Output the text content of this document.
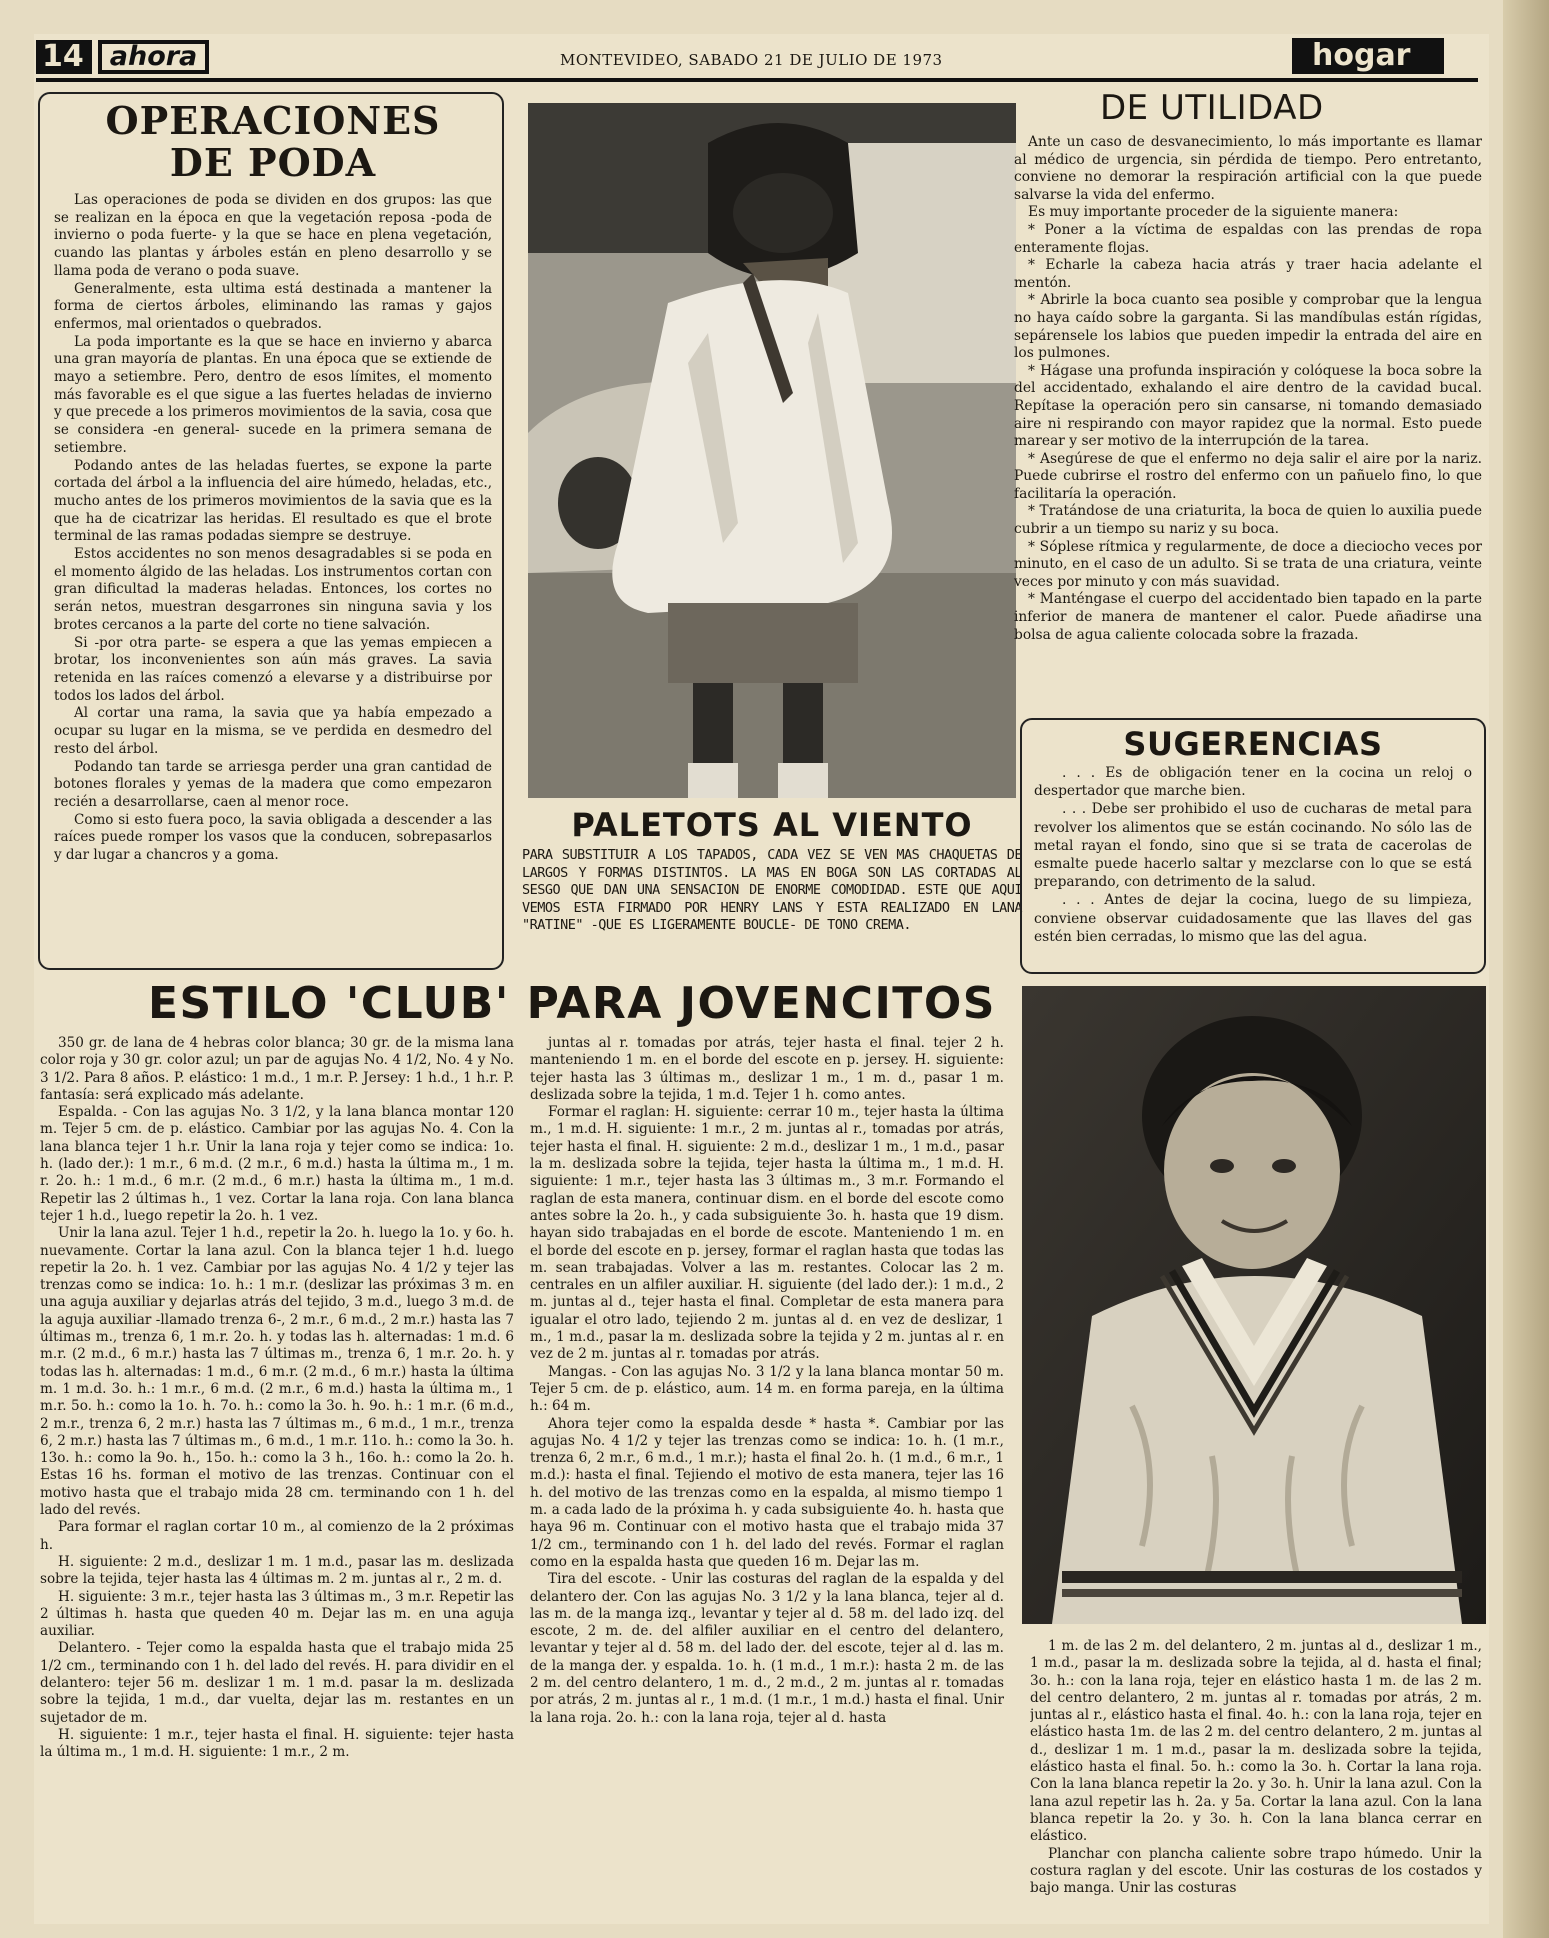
14 ahora	MONTEVIDEO, SABADO 21 DE JULIO DE 1973	hogar
OPERACIONES
DE PODA

Las operaciones de poda se dividen en dos grupos: las que se realizan en la época en que la vegetación reposa -poda de invierno o poda fuerte- y la que se hace en plena vegetación, cuando las plantas y árboles están en pleno desarrollo y se llama poda de verano o poda suave.

Generalmente, esta ultima está destinada a mantener la forma de ciertos árboles, eliminando las ramas y gajos enfermos, mal orientados o quebrados.

La poda importante es la que se hace en invierno y abarca una gran mayoría de plantas. En una época que se extiende de mayo a setiembre. Pero, dentro de esos límites, el momento más favorable es el que sigue a las fuertes heladas de invierno y que precede a los primeros movimientos de la savia, cosa que se considera -en general- sucede en la primera semana de setiembre.

Podando antes de las heladas fuertes, se expone la parte cortada del árbol a la influencia del aire húmedo, heladas, etc., mucho antes de los primeros movimientos de la savia que es la que ha de cicatrizar las heridas. El resultado es que el brote terminal de las ramas podadas siempre se destruye.

Estos accidentes no son menos desagradables si se poda en el momento álgido de las heladas. Los instrumentos cortan con gran dificultad la maderas heladas. Entonces, los cortes no serán netos, muestran desgarrones sin ninguna savia y los brotes cercanos a la parte del corte no tiene salvación.

Si -por otra parte- se espera a que las yemas empiecen a brotar, los inconvenientes son aún más graves. La savia retenida en las raíces comenzó a elevarse y a distribuirse por todos los lados del árbol.

Al cortar una rama, la savia que ya había empezado a ocupar su lugar en la misma, se ve perdida en desmedro del resto del árbol.

Podando tan tarde se arriesga perder una gran cantidad de botones florales y yemas de la madera que como empezaron recién a desarrollarse, caen al menor roce.

Como si esto fuera poco, la savia obligada a descender a las raíces puede romper los vasos que la conducen, sobrepasarlos y dar lugar a chancros y a goma.

PALETOTS AL VIENTO
PARA SUBSTITUIR A LOS TAPADOS, CADA VEZ SE VEN MAS CHAQUETAS DE LARGOS Y FORMAS DISTINTOS. LA MAS EN BOGA SON LAS CORTADAS AL SESGO QUE DAN UNA SENSACION DE ENORME COMODIDAD. ESTE QUE AQUI VEMOS ESTA FIRMADO POR HENRY LANS Y ESTA REALIZADO EN LANA "RATINE" -QUE ES LIGERAMENTE BOUCLE- DE TONO CREMA.
DE UTILIDAD

Ante un caso de desvanecimiento, lo más importante es llamar al médico de urgencia, sin pérdida de tiempo. Pero entretanto, conviene no demorar la respiración artificial con la que puede salvarse la vida del enfermo.

Es muy importante proceder de la siguiente manera:

* Poner a la víctima de espaldas con las prendas de ropa enteramente flojas.

* Echarle la cabeza hacia atrás y traer hacia adelante el mentón.

* Abrirle la boca cuanto sea posible y comprobar que la lengua no haya caído sobre la garganta. Si las mandíbulas están rígidas, sepárensele los labios que pueden impedir la entrada del aire en los pulmones.

* Hágase una profunda inspiración y colóquese la boca sobre la del accidentado, exhalando el aire dentro de la cavidad bucal. Repítase la operación pero sin cansarse, ni tomando demasiado aire ni respirando con mayor rapidez que la normal. Esto puede marear y ser motivo de la interrupción de la tarea.

* Asegúrese de que el enfermo no deja salir el aire por la nariz. Puede cubrirse el rostro del enfermo con un pañuelo fino, lo que facilitaría la operación.

* Tratándose de una criaturita, la boca de quien lo auxilia puede cubrir a un tiempo su nariz y su boca.

* Sóplese rítmica y regularmente, de doce a dieciocho veces por minuto, en el caso de un adulto. Si se trata de una criatura, veinte veces por minuto y con más suavidad.

* Manténgase el cuerpo del accidentado bien tapado en la parte inferior de manera de mantener el calor. Puede añadirse una bolsa de agua caliente colocada sobre la frazada.

SUGERENCIAS

. . . Es de obligación tener en la cocina un reloj o despertador que marche bien.

. . . Debe ser prohibido el uso de cucharas de metal para revolver los alimentos que se están cocinando. No sólo las de metal rayan el fondo, sino que si se trata de cacerolas de esmalte puede hacerlo saltar y mezclarse con lo que se está preparando, con detrimento de la salud.

. . . Antes de dejar la cocina, luego de su limpieza, conviene observar cuidadosamente que las llaves del gas estén bien cerradas, lo mismo que las del agua.

ESTILO 'CLUB' PARA JOVENCITOS

350 gr. de lana de 4 hebras color blanca; 30 gr. de la misma lana color roja y 30 gr. color azul; un par de agujas No. 4 1/2, No. 4 y No. 3 1/2. Para 8 años. P. elástico: 1 m.d., 1 m.r. P. Jersey: 1 h.d., 1 h.r. P. fantasía: será explicado más adelante.

Espalda. - Con las agujas No. 3 1/2, y la lana blanca montar 120 m. Tejer 5 cm. de p. elástico. Cambiar por las agujas No. 4. Con la lana blanca tejer 1 h.r. Unir la lana roja y tejer como se indica: 1o. h. (lado der.): 1 m.r., 6 m.d. (2 m.r., 6 m.d.) hasta la última m., 1 m. r. 2o. h.: 1 m.d., 6 m.r. (2 m.d., 6 m.r.) hasta la última m., 1 m.d. Repetir las 2 últimas h., 1 vez. Cortar la lana roja. Con lana blanca tejer 1 h.d., luego repetir la 2o. h. 1 vez.

Unir la lana azul. Tejer 1 h.d., repetir la 2o. h. luego la 1o. y 6o. h. nuevamente. Cortar la lana azul. Con la blanca tejer 1 h.d. luego repetir la 2o. h. 1 vez. Cambiar por las agujas No. 4 1/2 y tejer las trenzas como se indica: 1o. h.: 1 m.r. (deslizar las próximas 3 m. en una aguja auxiliar y dejarlas atrás del tejido, 3 m.d., luego 3 m.d. de la aguja auxiliar -llamado trenza 6-, 2 m.r., 6 m.d., 2 m.r.) hasta las 7 últimas m., trenza 6, 1 m.r. 2o. h. y todas las h. alternadas: 1 m.d. 6 m.r. (2 m.d., 6 m.r.) hasta las 7 últimas m., trenza 6, 1 m.r. 2o. h. y todas las h. alternadas: 1 m.d., 6 m.r. (2 m.d., 6 m.r.) hasta la última m. 1 m.d. 3o. h.: 1 m.r., 6 m.d. (2 m.r., 6 m.d.) hasta la última m., 1 m.r. 5o. h.: como la 1o. h. 7o. h.: como la 3o. h. 9o. h.: 1 m.r. (6 m.d., 2 m.r., trenza 6, 2 m.r.) hasta las 7 últimas m., 6 m.d., 1 m.r., trenza 6, 2 m.r.) hasta las 7 últimas m., 6 m.d., 1 m.r. 11o. h.: como la 3o. h. 13o. h.: como la 9o. h., 15o. h.: como la 3 h., 16o. h.: como la 2o. h. Estas 16 hs. forman el motivo de las trenzas. Continuar con el motivo hasta que el trabajo mida 28 cm. terminando con 1 h. del lado del revés.

Para formar el raglan cortar 10 m., al comienzo de la 2 próximas h.

H. siguiente: 2 m.d., deslizar 1 m. 1 m.d., pasar las m. deslizada sobre la tejida, tejer hasta las 4 últimas m. 2 m. juntas al r., 2 m. d.

H. siguiente: 3 m.r., tejer hasta las 3 últimas m., 3 m.r. Repetir las 2 últimas h. hasta que queden 40 m. Dejar las m. en una aguja auxiliar.

Delantero. - Tejer como la espalda hasta que el trabajo mida 25 1/2 cm., terminando con 1 h. del lado del revés. H. para dividir en el delantero: tejer 56 m. deslizar 1 m. 1 m.d. pasar la m. deslizada sobre la tejida, 1 m.d., dar vuelta, dejar las m. restantes en un sujetador de m.

H. siguiente: 1 m.r., tejer hasta el final. H. siguiente: tejer hasta la última m., 1 m.d. H. siguiente: 1 m.r., 2 m.

juntas al r. tomadas por atrás, tejer hasta el final. tejer 2 h. manteniendo 1 m. en el borde del escote en p. jersey. H. siguiente: tejer hasta las 3 últimas m., deslizar 1 m., 1 m. d., pasar 1 m. deslizada sobre la tejida, 1 m.d. Tejer 1 h. como antes.

Formar el raglan: H. siguiente: cerrar 10 m., tejer hasta la última m., 1 m.d. H. siguiente: 1 m.r., 2 m. juntas al r., tomadas por atrás, tejer hasta el final. H. siguiente: 2 m.d., deslizar 1 m., 1 m.d., pasar la m. deslizada sobre la tejida, tejer hasta la última m., 1 m.d. H. siguiente: 1 m.r., tejer hasta las 3 últimas m., 3 m.r. Formando el raglan de esta manera, continuar dism. en el borde del escote como antes sobre la 2o. h., y cada subsiguiente 3o. h. hasta que 19 dism. hayan sido trabajadas en el borde de escote. Manteniendo 1 m. en el borde del escote en p. jersey, formar el raglan hasta que todas las m. sean trabajadas. Volver a las m. restantes. Colocar las 2 m. centrales en un alfiler auxiliar. H. siguiente (del lado der.): 1 m.d., 2 m. juntas al d., tejer hasta el final. Completar de esta manera para igualar el otro lado, tejiendo 2 m. juntas al d. en vez de deslizar, 1 m., 1 m.d., pasar la m. deslizada sobre la tejida y 2 m. juntas al r. en vez de 2 m. juntas al r. tomadas por atrás.

Mangas. - Con las agujas No. 3 1/2 y la lana blanca montar 50 m. Tejer 5 cm. de p. elástico, aum. 14 m. en forma pareja, en la última h.: 64 m.

Ahora tejer como la espalda desde * hasta *. Cambiar por las agujas No. 4 1/2 y tejer las trenzas como se indica: 1o. h. (1 m.r., trenza 6, 2 m.r., 6 m.d., 1 m.r.); hasta el final 2o. h. (1 m.d., 6 m.r., 1 m.d.): hasta el final. Tejiendo el motivo de esta manera, tejer las 16 h. del motivo de las trenzas como en la espalda, al mismo tiempo 1 m. a cada lado de la próxima h. y cada subsiguiente 4o. h. hasta que haya 96 m. Continuar con el motivo hasta que el trabajo mida 37 1/2 cm., terminando con 1 h. del lado del revés. Formar el raglan como en la espalda hasta que queden 16 m. Dejar las m.

Tira del escote. - Unir las costuras del raglan de la espalda y del delantero der. Con las agujas No. 3 1/2 y la lana blanca, tejer al d. las m. de la manga izq., levantar y tejer al d. 58 m. del lado izq. del escote, 2 m. de. del alfiler auxiliar en el centro del delantero, levantar y tejer al d. 58 m. del lado der. del escote, tejer al d. las m. de la manga der. y espalda. 1o. h. (1 m.d., 1 m.r.): hasta 2 m. de las 2 m. del centro delantero, 1 m. d., 2 m.d., 2 m. juntas al r. tomadas por atrás, 2 m. juntas al r., 1 m.d. (1 m.r., 1 m.d.) hasta el final. Unir la lana roja. 2o. h.: con la lana roja, tejer al d. hasta

1 m. de las 2 m. del delantero, 2 m. juntas al d., deslizar 1 m., 1 m.d., pasar la m. deslizada sobre la tejida, al d. hasta el final; 3o. h.: con la lana roja, tejer en elástico hasta 1 m. de las 2 m. del centro delantero, 2 m. juntas al r. tomadas por atrás, 2 m. juntas al r., elástico hasta el final. 4o. h.: con la lana roja, tejer en elástico hasta 1m. de las 2 m. del centro delantero, 2 m. juntas al d., deslizar 1 m. 1 m.d., pasar la m. deslizada sobre la tejida, elástico hasta el final. 5o. h.: como la 3o. h. Cortar la lana roja. Con la lana blanca repetir la 2o. y 3o. h. Unir la lana azul. Con la lana azul repetir las h. 2a. y 5a. Cortar la lana azul. Con la lana blanca repetir la 2o. y 3o. h. Con la lana blanca cerrar en elástico.

Planchar con plancha caliente sobre trapo húmedo. Unir la costura raglan y del escote. Unir las costuras de los costados y bajo manga. Unir las costuras
